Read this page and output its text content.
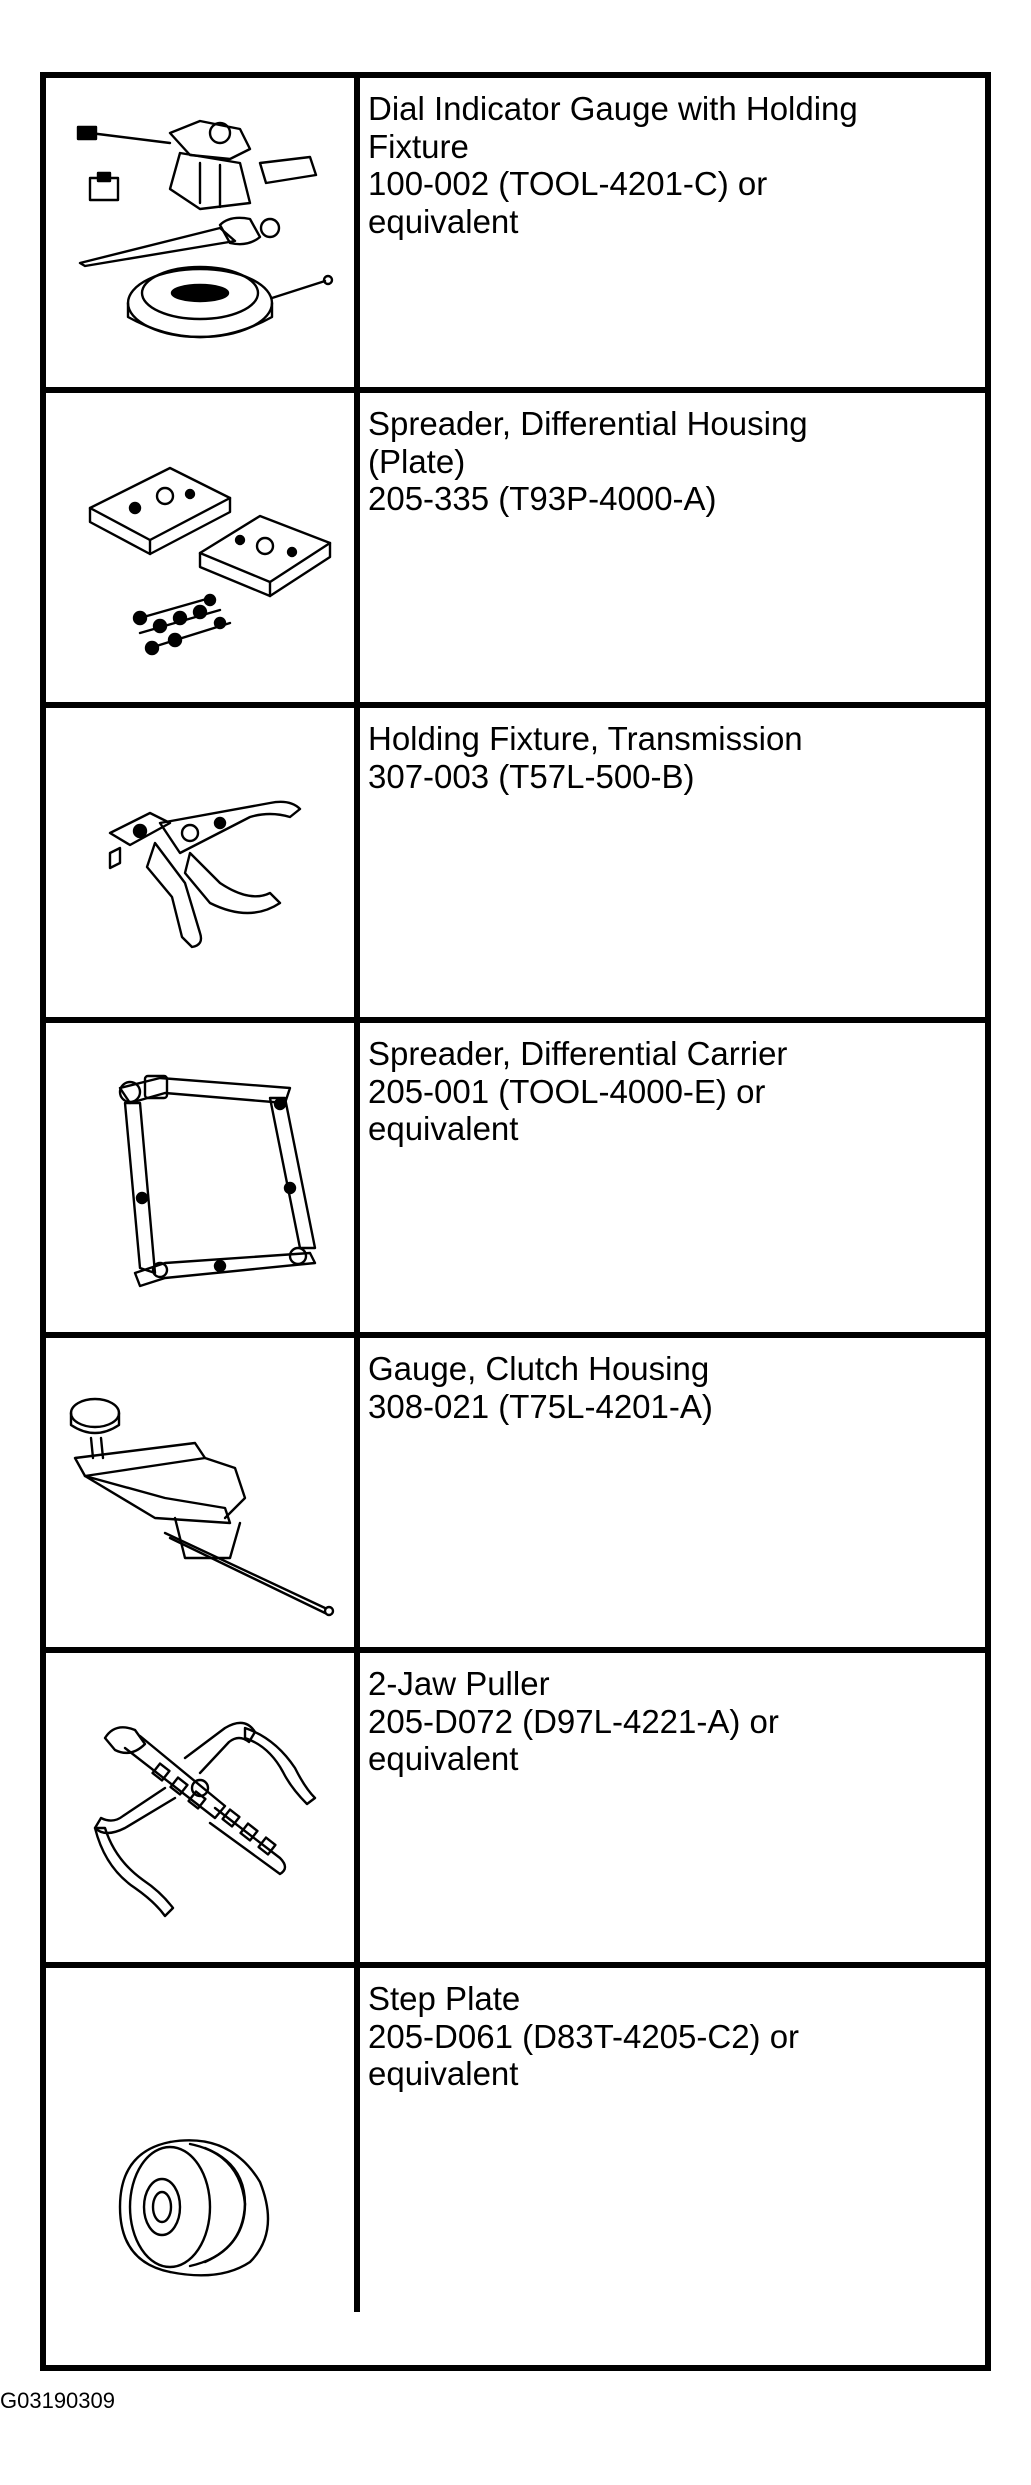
Dial Indicator Gauge with Holding
Fixture
100-002 (TOOL-4201-C) or
equivalent
Spreader, Differential Housing
(Plate)
205-335 (T93P-4000-A)
Holding Fixture, Transmission
307-003 (T57L-500-B)
Spreader, Differential Carrier
205-001 (TOOL-4000-E) or
equivalent
Gauge, Clutch Housing
308-021 (T75L-4201-A)
2-Jaw Puller
205-D072 (D97L-4221-A) or
equivalent
Step Plate
205-D061 (D83T-4205-C2) or
equivalent
G03190309
